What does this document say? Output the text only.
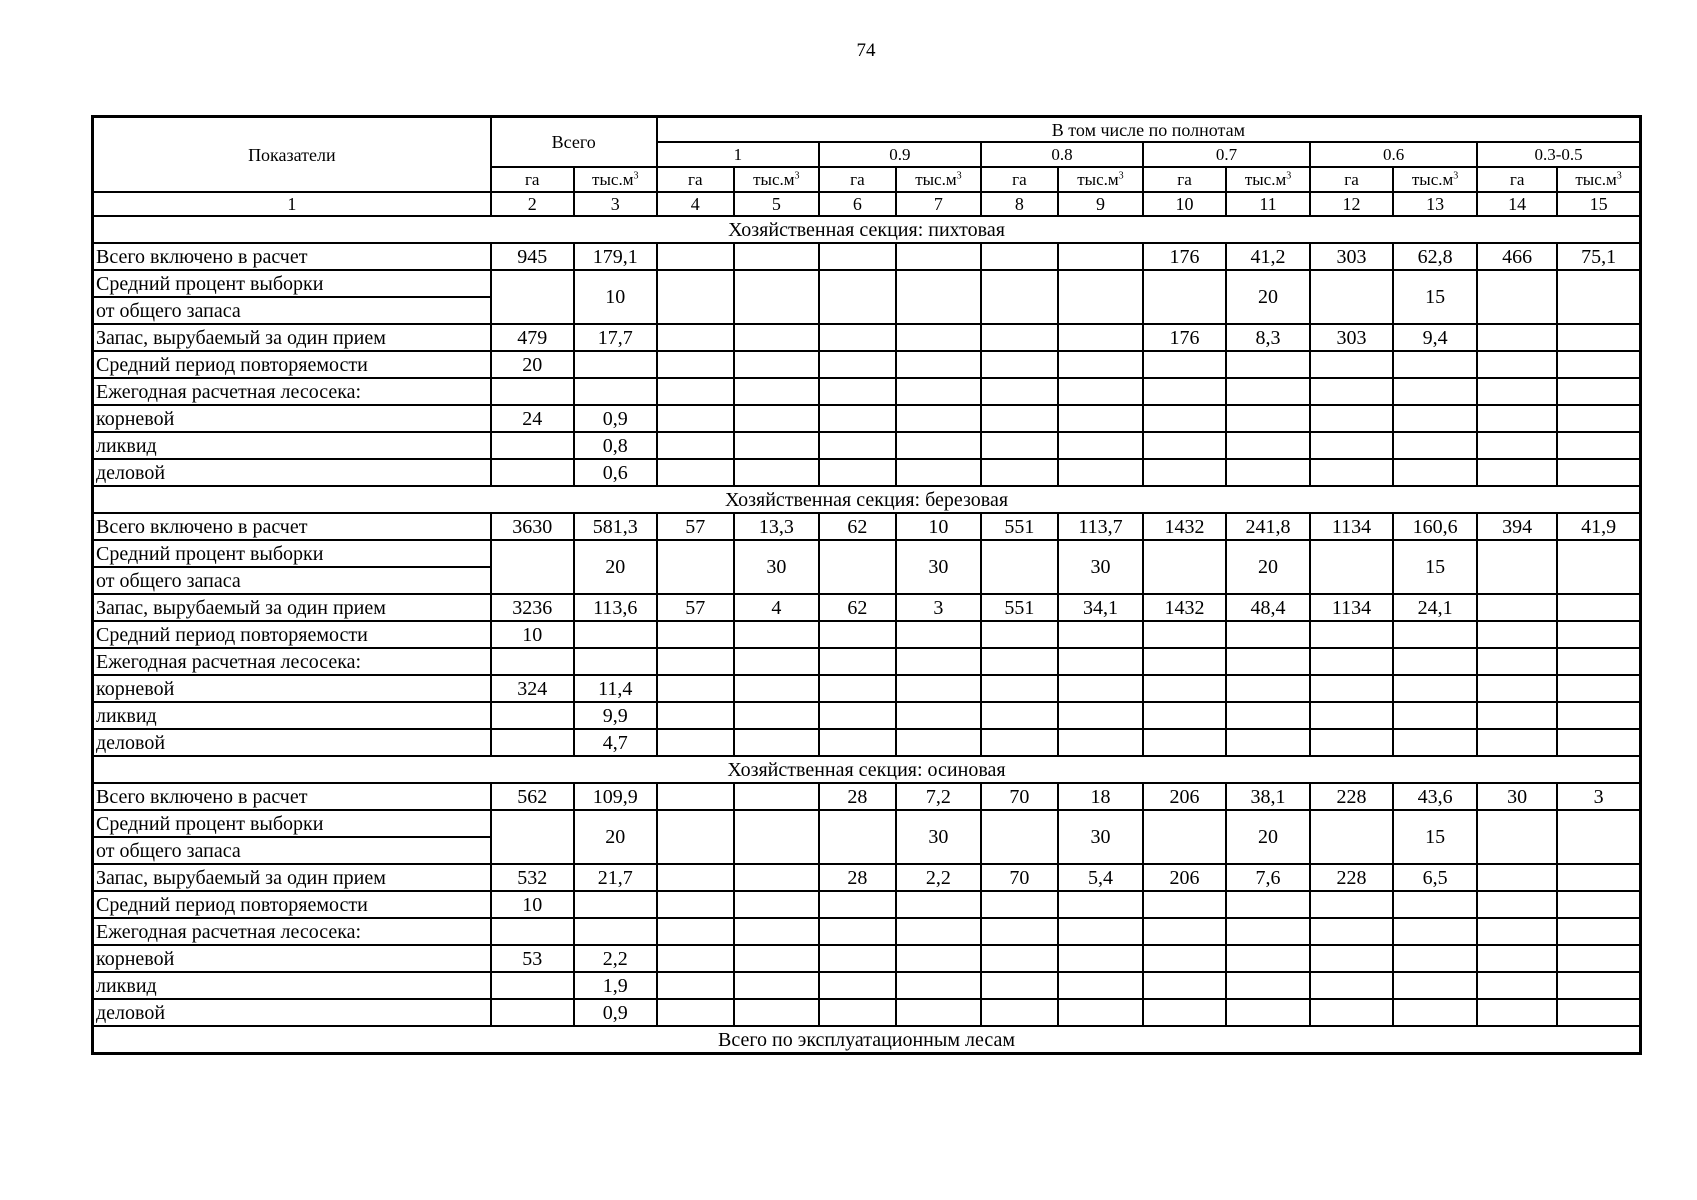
74
Показатели	Всего		В том числе по полнотам											
			1		0.9		0.8		0.7		0.6		0.3-0.5	
	га	$тыс.м^3$	га	$тыс.м^3$	га	$тыс.м^3$	га	$тыс.м^3$	га	$тыс.м^3$	га	$тыс.м^3$	га	$тыс.м^3$
1	2	3	4	5	6	7	8	9	10	11	12	13	14	15
Хозяйственная секция: пихтовая														
Всего включено в расчет	945	179,1							176	41,2	303	62,8	466	75,1
Средний процент выборки		10								20		15		
от общего запаса														
Запас, вырубаемый за один прием	479	17,7							176	8,3	303	9,4		
Средний период повторяемости	20													
Ежегодная расчетная лесосека:														
корневой	24	0,9												
ликвид		0,8												
деловой		0,6												
Хозяйственная секция: березовая														
Всего включено в расчет	3630	581,3	57	13,3	62	10	551	113,7	1432	241,8	1134	160,6	394	41,9
Средний процент выборки		20		30		30		30		20		15		
от общего запаса														
Запас, вырубаемый за один прием	3236	113,6	57	4	62	3	551	34,1	1432	48,4	1134	24,1		
Средний период повторяемости	10													
Ежегодная расчетная лесосека:														
корневой	324	11,4												
ликвид		9,9												
деловой		4,7												
Хозяйственная секция: осиновая														
Всего включено в расчет	562	109,9			28	7,2	70	18	206	38,1	228	43,6	30	3
Средний процент выборки		20				30		30		20		15		
от общего запаса														
Запас, вырубаемый за один прием	532	21,7			28	2,2	70	5,4	206	7,6	228	6,5		
Средний период повторяемости	10													
Ежегодная расчетная лесосека:														
корневой	53	2,2												
ликвид		1,9												
деловой		0,9												
Всего по эксплуатационным лесам														
